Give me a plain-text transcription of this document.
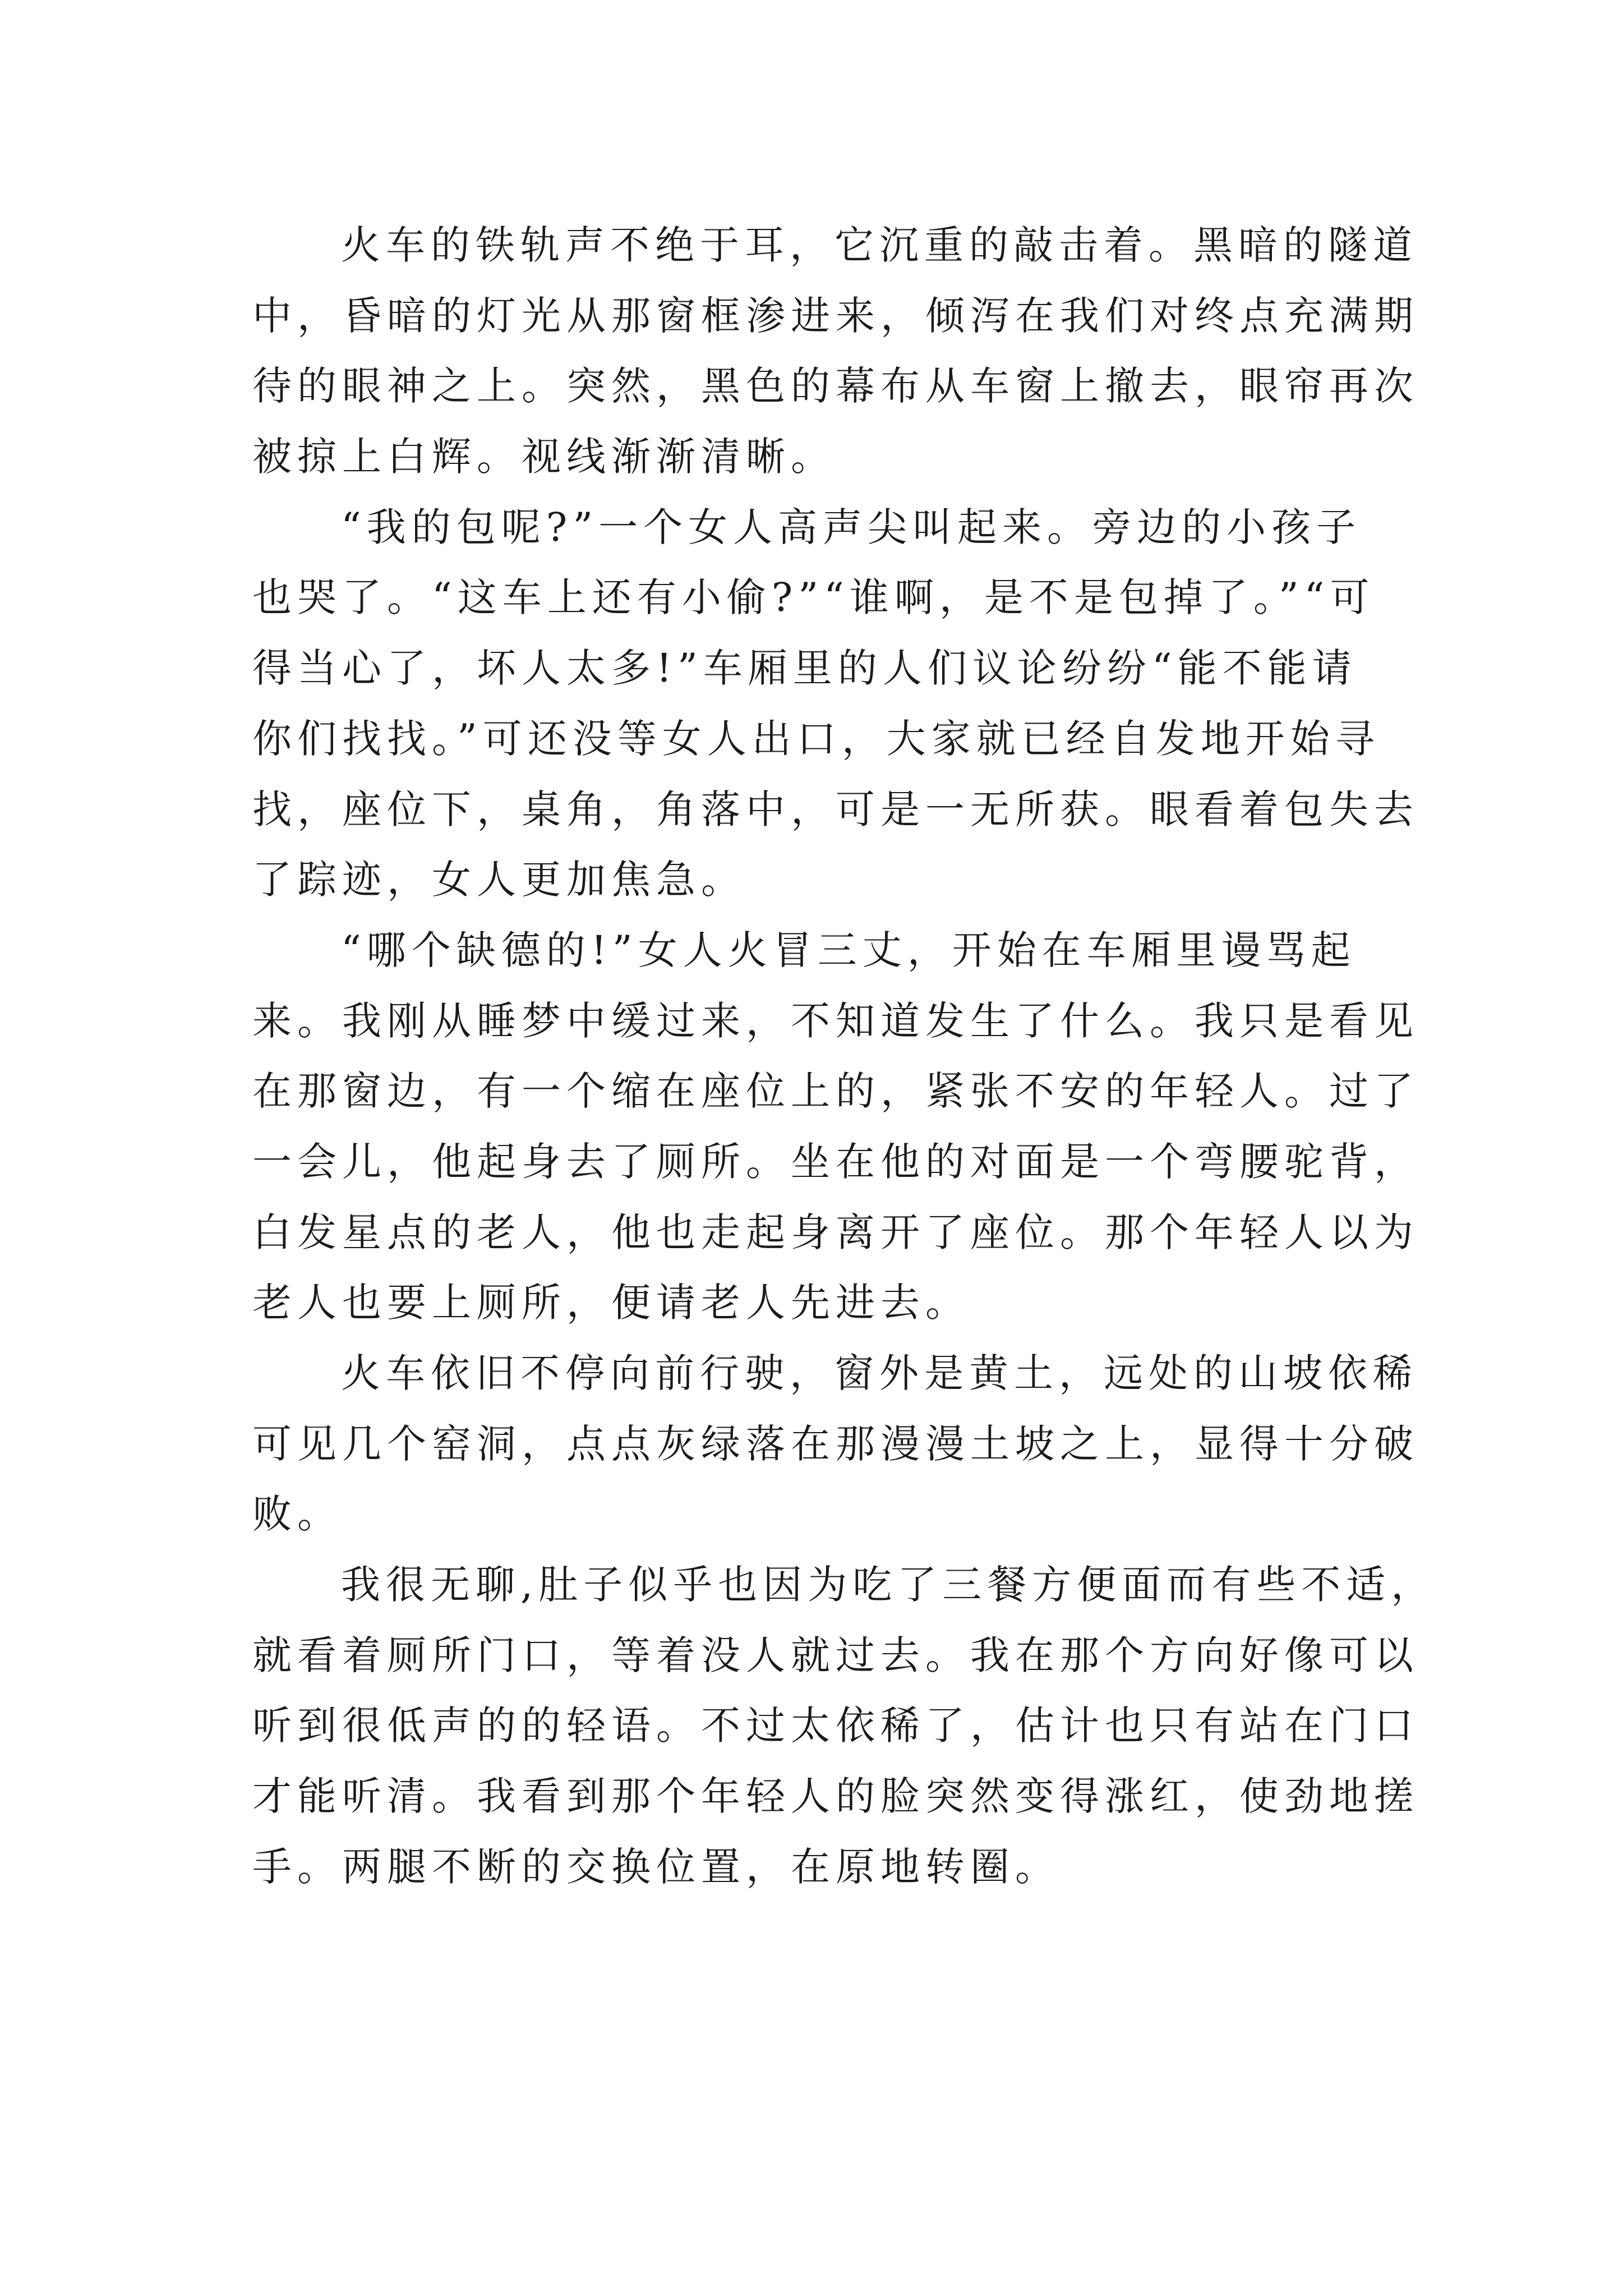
火车的铁轨声不绝于耳，它沉重的敲击着。黑暗的隧道
中，昏暗的灯光从那窗框渗进来，倾泻在我们对终点充满期
待的眼神之上。突然，黑色的幕布从车窗上撤去，眼帘再次
被掠上白辉。视线渐渐清晰。
“我的包呢?”一个女人高声尖叫起来。旁边的小孩子
也哭了。“这车上还有小偷?”“谁啊，是不是包掉了。”“可
得当心了，坏人太多!”车厢里的人们议论纷纷“能不能请
你们找找。”可还没等女人出口，大家就已经自发地开始寻
找，座位下，桌角，角落中，可是一无所获。眼看着包失去
了踪迹，女人更加焦急。
“哪个缺德的!”女人火冒三丈，开始在车厢里谩骂起
来。我刚从睡梦中缓过来，不知道发生了什么。我只是看见
在那窗边，有一个缩在座位上的，紧张不安的年轻人。过了
一会儿，他起身去了厕所。坐在他的对面是一个弯腰驼背，
白发星点的老人，他也走起身离开了座位。那个年轻人以为
老人也要上厕所，便请老人先进去。
火车依旧不停向前行驶，窗外是黄土，远处的山坡依稀
可见几个窑洞，点点灰绿落在那漫漫土坡之上，显得十分破
败。
我很无聊,肚子似乎也因为吃了三餐方便面而有些不适，
就看着厕所门口，等着没人就过去。我在那个方向好像可以
听到很低声的的轻语。不过太依稀了，估计也只有站在门口
才能听清。我看到那个年轻人的脸突然变得涨红，使劲地搓
手。两腿不断的交换位置，在原地转圈。
